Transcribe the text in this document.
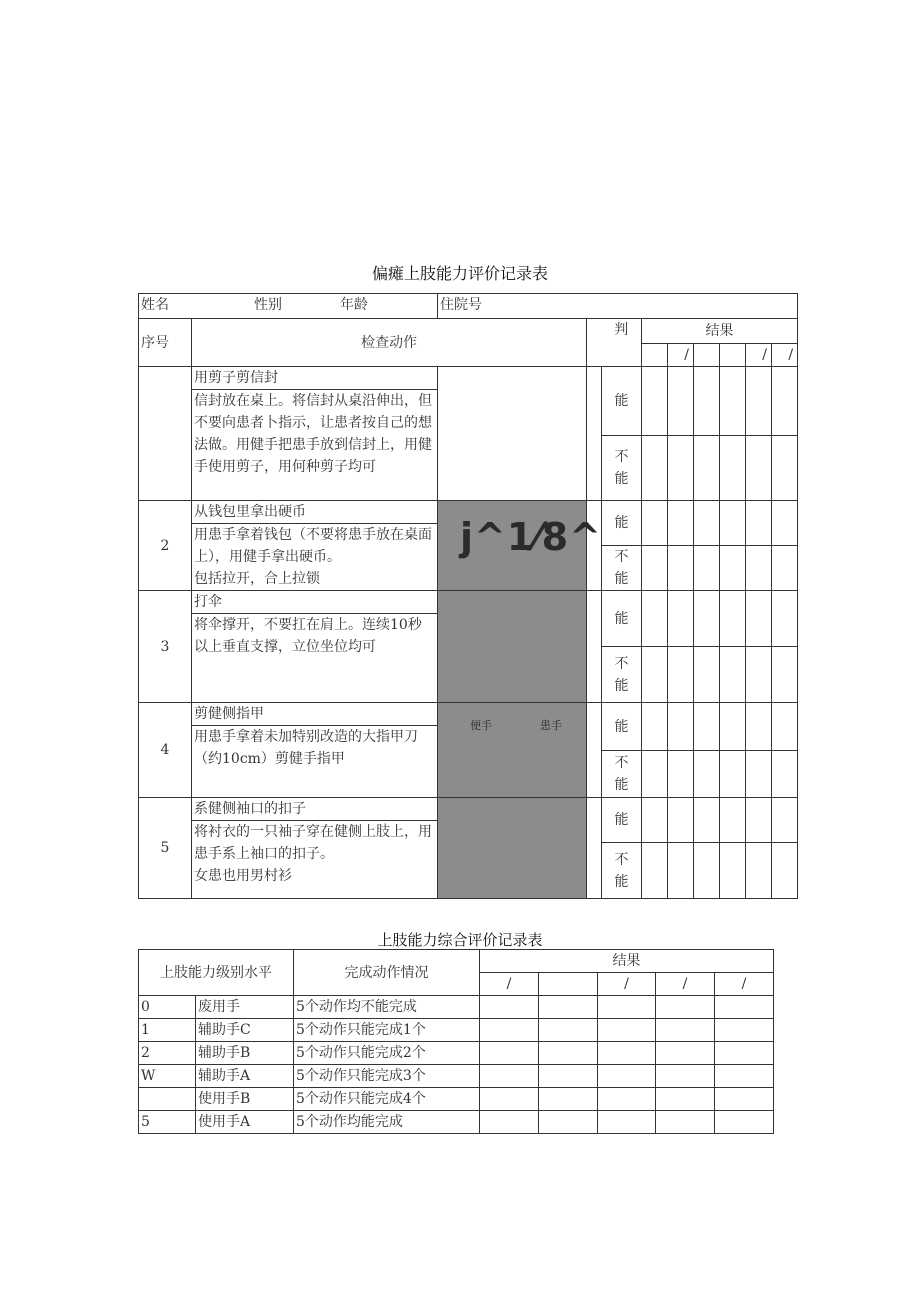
偏瘫上肢能力评价记录表
姓名 性别 年龄		住院号								
序号	检查动作			判	结果					
						/			/	/

	用剪子剪信封
信封放在桌上。将信封从桌沿伸出，但不要向患者卜指示，让患者按自己的想法做。用健手把患手放到信封上，用健手使用剪子，用何种剪子均可			能						
				不
能						
2	从钱包里拿出硬币
用患手拿着钱包（不要将患手放在桌面上），用健手拿出硬币。
包括拉开，合上拉锁			能						
				不
能						
3	打伞
将伞撑开，不要扛在肩上。连续10秒以上垂直支撑，立位坐位均可			能						
				不
能						
4	剪健侧指甲
用患手拿着未加特别改造的大指甲刀（约10cm）剪健手指甲			能						
				不
能						
5	系健侧袖口的扣子
将衬衣的一只袖子穿在健侧上肢上，用患手系上袖口的扣子。
女患也用男村衫			能						
				不
能						
j^1⁄8^
便手	患手
上肢能力综合评价记录表
上肢能力级别水平		完成动作情况	结果				
			/		/	/	/
0	废用手	5个动作均不能完成					
1	辅助手C	5个动作只能完成1个					
2	辅助手B	5个动作只能完成2个					
W	辅助手A	5个动作只能完成3个					
	使用手B	5个动作只能完成4个					
5	使用手A	5个动作均能完成					
